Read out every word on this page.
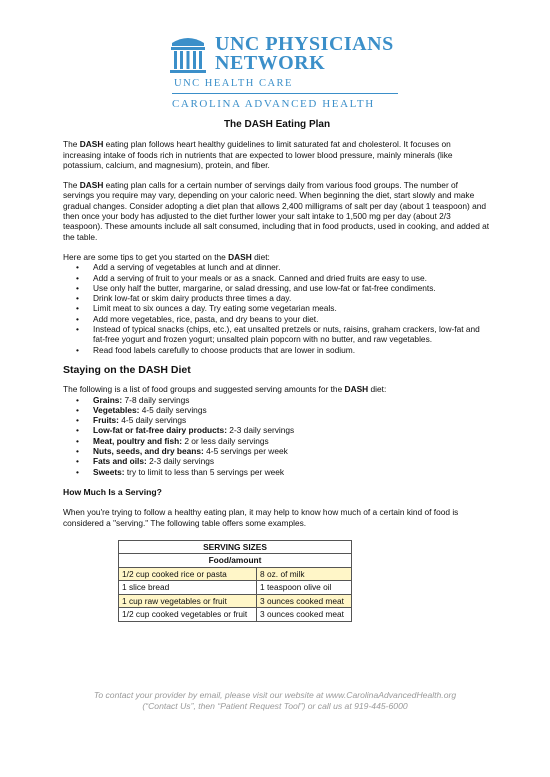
UNC PHYSICIANS
NETWORK
UNC HEALTH CARE
CAROLINA ADVANCED HEALTH
The DASH Eating Plan

The DASH eating plan follows heart healthy guidelines to limit saturated fat and cholesterol. It focuses on increasing intake of foods rich in nutrients that are expected to lower blood pressure, mainly minerals (like potassium, calcium, and magnesium), protein, and fiber.

The DASH eating plan calls for a certain number of servings daily from various food groups. The number of servings you require may vary, depending on your caloric need. When beginning the diet, start slowly and make gradual changes. Consider adopting a diet plan that allows 2,400 milligrams of salt per day (about 1 teaspoon) and then once your body has adjusted to the diet further lower your salt intake to 1,500 mg per day (about 2/3 teaspoon). These amounts include all salt consumed, including that in food products, used in cooking, and added at the table.

Here are some tips to get you started on the DASH diet:
• Add a serving of vegetables at lunch and at dinner.
• Add a serving of fruit to your meals or as a snack. Canned and dried fruits are easy to use.
• Use only half the butter, margarine, or salad dressing, and use low-fat or fat-free condiments.
• Drink low-fat or skim dairy products three times a day.
• Limit meat to six ounces a day. Try eating some vegetarian meals.
• Add more vegetables, rice, pasta, and dry beans to your diet.
• Instead of typical snacks (chips, etc.), eat unsalted pretzels or nuts, raisins, graham crackers, low-fat and fat-free yogurt and frozen yogurt; unsalted plain popcorn with no butter, and raw vegetables.
• Read food labels carefully to choose products that are lower in sodium.
Staying on the DASH Diet
The following is a list of food groups and suggested serving amounts for the DASH diet:
• Grains: 7-8 daily servings
• Vegetables: 4-5 daily servings
• Fruits: 4-5 daily servings
• Low-fat or fat-free dairy products: 2-3 daily servings
• Meat, poultry and fish: 2 or less daily servings
• Nuts, seeds, and dry beans: 4-5 servings per week
• Fats and oils: 2-3 daily servings
• Sweets: try to limit to less than 5 servings per week
How Much Is a Serving?

When you're trying to follow a healthy eating plan, it may help to know how much of a certain kind of food is considered a "serving." The following table offers some examples.

SERVING SIZES	
Food/amount	
1/2 cup cooked rice or pasta	8 oz. of milk
1 slice bread	1 teaspoon olive oil
1 cup raw vegetables or fruit	3 ounces cooked meat
1/2 cup cooked vegetables or fruit	3 ounces cooked meat
To contact your provider by email, please visit our website at www.CarolinaAdvancedHealth.org
(“Contact Us”, then “Patient Request Tool”) or call us at 919-445-6000
